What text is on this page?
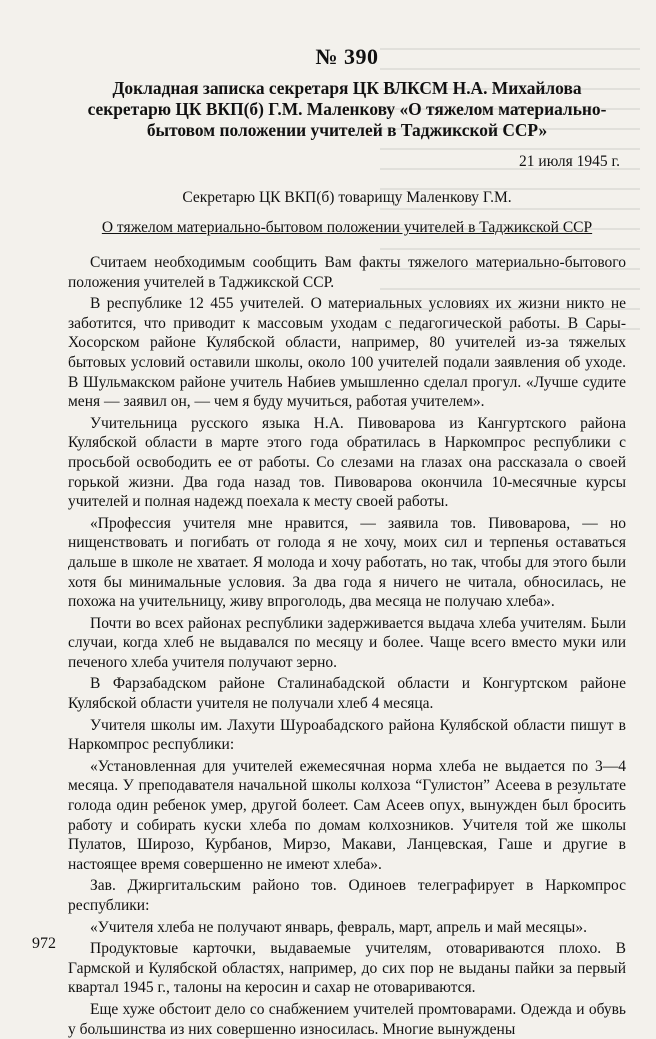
№ 390
Докладная записка секретаря ЦК ВЛКСМ Н.А. Михайлова секретарю ЦК ВКП(б) Г.М. Маленкову «О тяжелом материально-бытовом положении учителей в Таджикской ССР»
21 июля 1945 г.
Секретарю ЦК ВКП(б) товарищу Маленкову Г.М.
О тяжелом материально-бытовом положении учителей в Таджикской ССР

Считаем необходимым сообщить Вам факты тяжелого материально-бытового положения учителей в Таджикской ССР.

В республике 12 455 учителей. О материальных условиях их жизни никто не заботится, что приводит к массовым уходам с педагогической работы. В Сары-Хосорском районе Кулябской области, например, 80 учителей из-за тяжелых бытовых условий оставили школы, около 100 учителей подали заявления об уходе. В Шульмакском районе учитель Набиев умышленно сделал прогул. «Лучше судите меня — заявил он, — чем я буду мучиться, работая учителем».

Учительница русского языка Н.А. Пивоварова из Кангуртского района Кулябской области в марте этого года обратилась в Наркомпрос республики с просьбой освободить ее от работы. Со слезами на глазах она рассказала о своей горькой жизни. Два года назад тов. Пивоварова окончила 10-месячные курсы учителей и полная надежд поехала к месту своей работы.

«Профессия учителя мне нравится, — заявила тов. Пивоварова, — но нищенствовать и погибать от голода я не хочу, моих сил и терпенья оставаться дальше в школе не хватает. Я молода и хочу работать, но так, чтобы для этого были хотя бы минимальные условия. За два года я ничего не читала, обносилась, не похожа на учительницу, живу впроголодь, два месяца не получаю хлеба».

Почти во всех районах республики задерживается выдача хлеба учителям. Были случаи, когда хлеб не выдавался по месяцу и более. Чаще всего вместо муки или печеного хлеба учителя получают зерно.

В Фарзабадском районе Сталинабадской области и Конгуртском районе Кулябской области учителя не получали хлеб 4 месяца.

Учителя школы им. Лахути Шуроабадского района Кулябской области пишут в Наркомпрос республики:

«Установленная для учителей ежемесячная норма хлеба не выдается по 3—4 месяца. У преподавателя начальной школы колхоза “Гулистон” Асеева в результате голода один ребенок умер, другой болеет. Сам Асеев опух, вынужден был бросить работу и собирать куски хлеба по домам колхозников. Учителя той же школы Пулатов, Широзо, Курбанов, Мирзо, Макави, Ланцевская, Гаше и другие в настоящее время совершенно не имеют хлеба».

Зав. Джиргитальским районо тов. Одиноев телеграфирует в Наркомпрос республики:

«Учителя хлеба не получают январь, февраль, март, апрель и май месяцы».

Продуктовые карточки, выдаваемые учителям, отовариваются плохо. В Гармской и Кулябской областях, например, до сих пор не выданы пайки за первый квартал 1945 г., талоны на керосин и сахар не отовариваются.

Еще хуже обстоит дело со снабжением учителей промтоварами. Одежда и обувь у большинства из них совершенно износилась. Многие вынуждены

972
